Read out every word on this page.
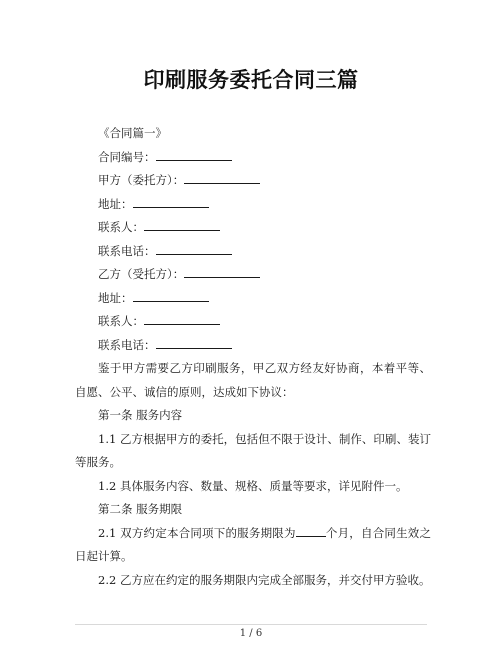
印刷服务委托合同三篇
《合同篇一》
合同编号：
甲方（委托方）：
地址：
联系人：
联系电话：
乙方（受托方）：
地址：
联系人：
联系电话：
鉴于甲方需要乙方印刷服务，甲乙双方经友好协商，本着平等、自愿、公平、诚信的原则，达成如下协议：
第一条 服务内容
1.1 乙方根据甲方的委托，包括但不限于设计、制作、印刷、装订等服务。
1.2 具体服务内容、数量、规格、质量等要求，详见附件一。
第二条 服务期限
2.1 双方约定本合同项下的服务期限为	个月，自合同生效之日起计算。
2.2 乙方应在约定的服务期限内完成全部服务，并交付甲方验收。
1 / 6
